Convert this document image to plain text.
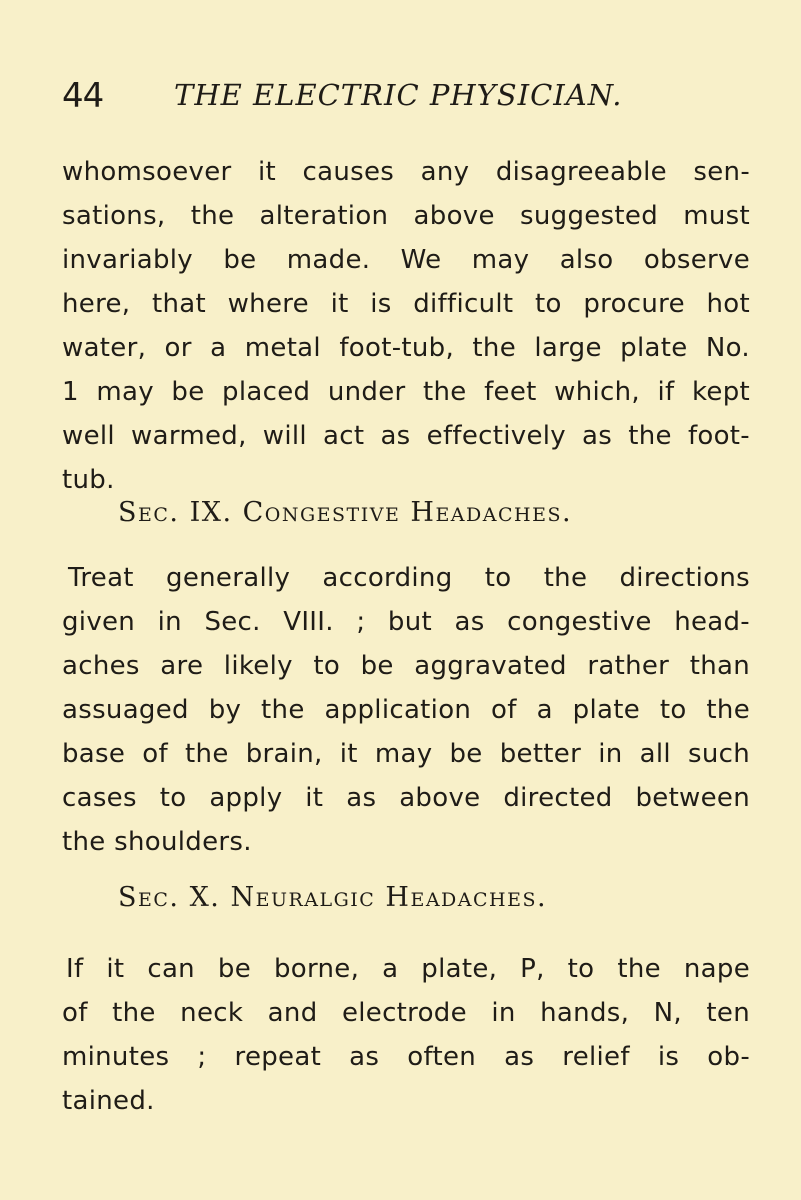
44 THE ELECTRIC PHYSICIAN.
whomsoever it causes any disagreeable sen-
sations, the alteration above suggested must
invariably be made. We may also observe
here, that where it is difficult to procure hot
water, or a metal foot-tub, the large plate No.
1 may be placed under the feet which, if kept
well warmed, will act as effectively as the foot-
tub.
Sec. IX. Congestive Headaches.
Treat generally according to the directions
given in Sec. VIII. ; but as congestive head-
aches are likely to be aggravated rather than
assuaged by the application of a plate to the
base of the brain, it may be better in all such
cases to apply it as above directed between
the shoulders.
Sec. X. Neuralgic Headaches.
If it can be borne, a plate, P, to the nape
of the neck and electrode in hands, N, ten
minutes ; repeat as often as relief is ob-
tained.
